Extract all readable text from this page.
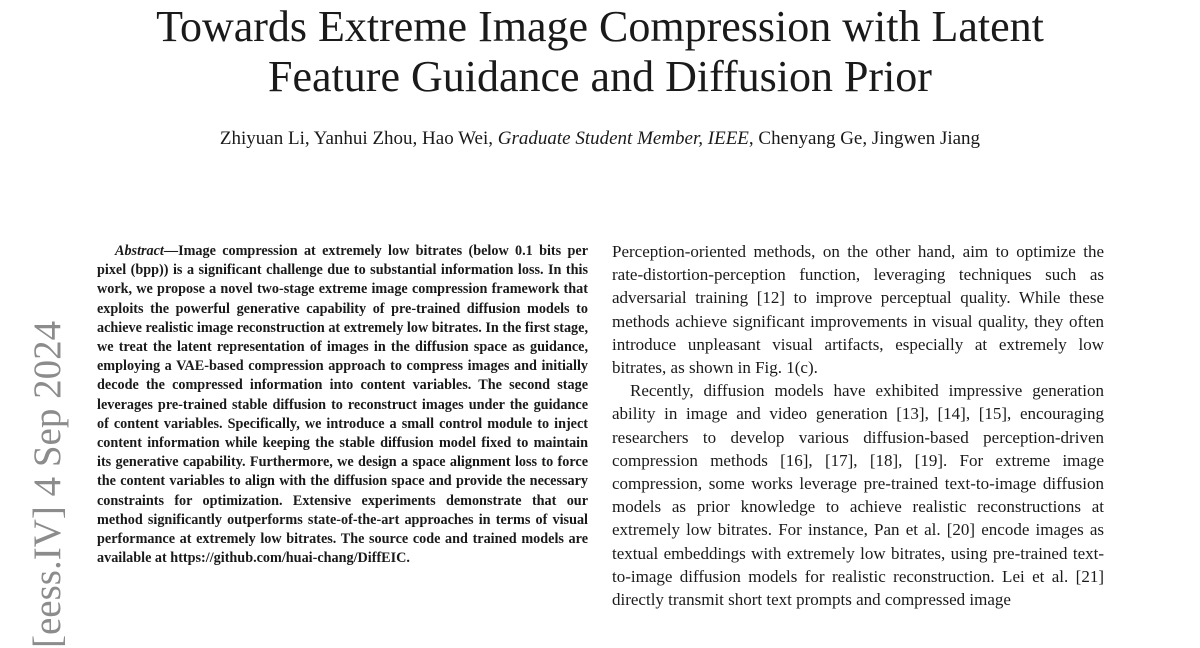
Towards Extreme Image Compression with Latent
Feature Guidance and Diffusion Prior
Zhiyuan Li, Yanhui Zhou, Hao Wei, Graduate Student Member, IEEE, Chenyang Ge, Jingwen Jiang
[eess.IV] 4 Sep 2024

Abstract—Image compression at extremely low bitrates (below 0.1 bits per pixel (bpp)) is a significant challenge due to substantial information loss. In this work, we propose a novel two-stage extreme image compression framework that exploits the powerful generative capability of pre-trained diffusion models to achieve realistic image reconstruction at extremely low bitrates. In the first stage, we treat the latent representation of images in the diffusion space as guidance, employing a VAE-based compression approach to compress images and initially decode the compressed information into content variables. The second stage leverages pre-trained stable diffusion to reconstruct images under the guidance of content variables. Specifically, we introduce a small control module to inject content information while keeping the stable diffusion model fixed to maintain its generative capability. Furthermore, we design a space alignment loss to force the content variables to align with the diffusion space and provide the necessary constraints for optimization. Extensive experiments demonstrate that our method significantly outperforms state-of-the-art approaches in terms of visual performance at extremely low bitrates. The source code and trained models are available at https://github.com/huai-chang/DiffEIC.

Perception-oriented methods, on the other hand, aim to optimize the rate-distortion-perception function, leveraging techniques such as adversarial training [12] to improve perceptual quality. While these methods achieve significant improvements in visual quality, they often introduce unpleasant visual artifacts, especially at extremely low bitrates, as shown in Fig. 1(c).

Recently, diffusion models have exhibited impressive generation ability in image and video generation [13], [14], [15], encouraging researchers to develop various diffusion-based perception-driven compression methods [16], [17], [18], [19]. For extreme image compression, some works leverage pre-trained text-to-image diffusion models as prior knowledge to achieve realistic reconstructions at extremely low bitrates. For instance, Pan et al. [20] encode images as textual embeddings with extremely low bitrates, using pre-trained text-to-image diffusion models for realistic reconstruction. Lei et al. [21] directly transmit short text prompts and compressed image
